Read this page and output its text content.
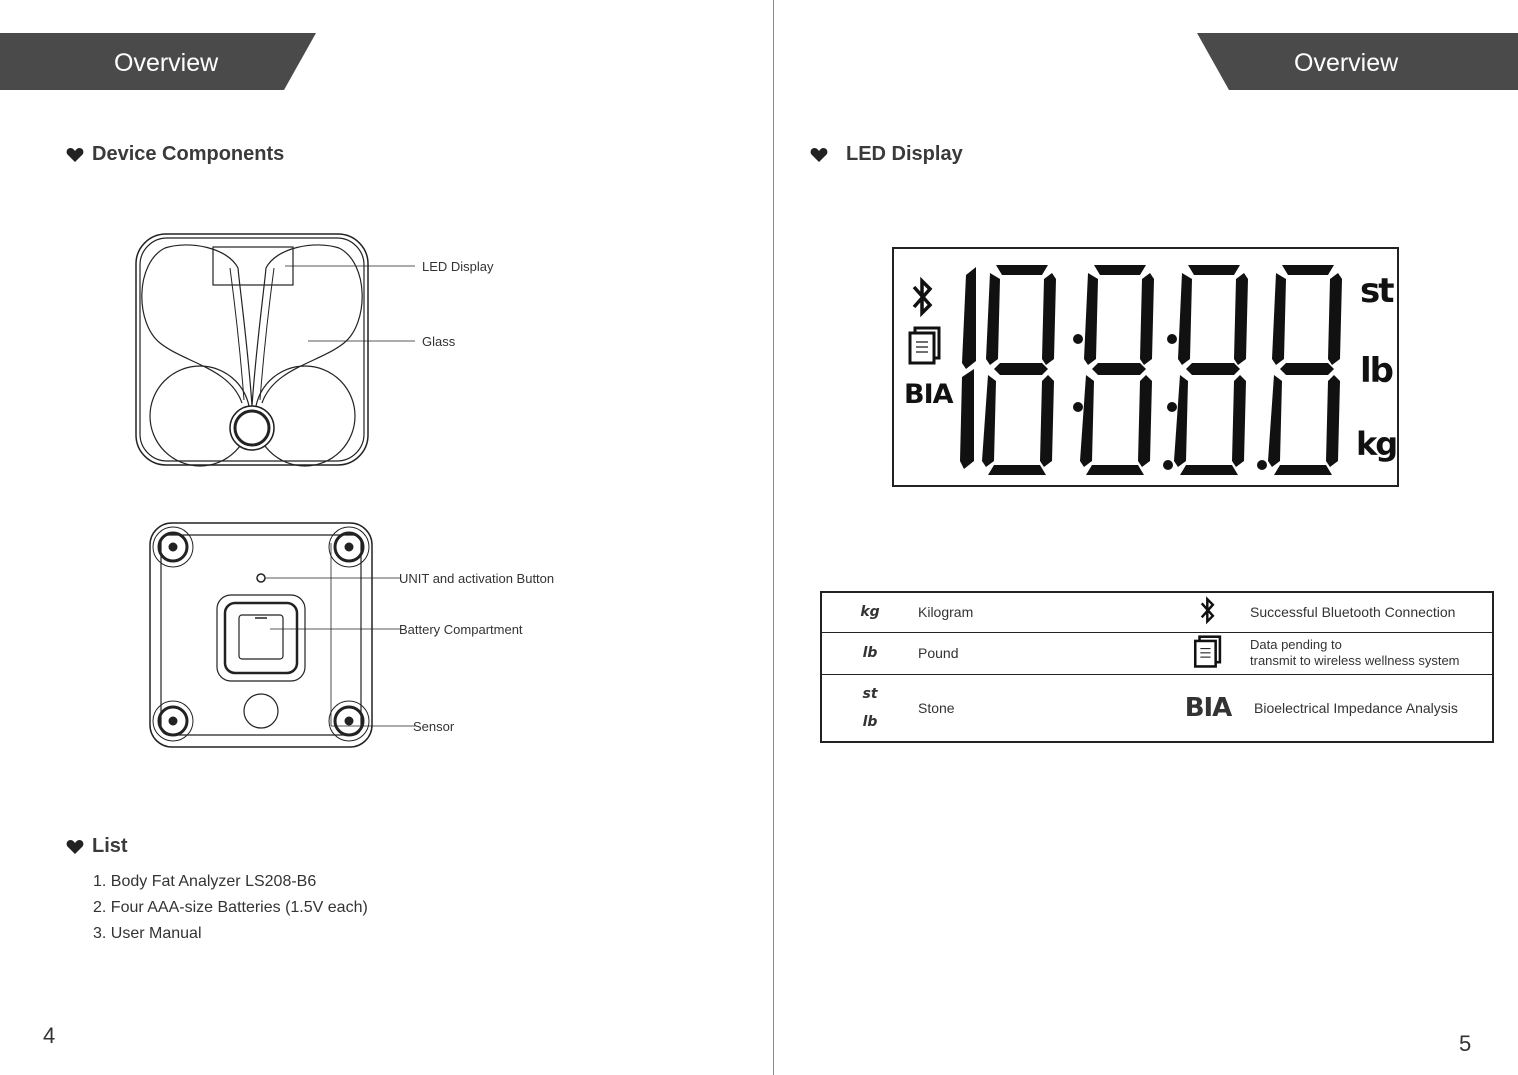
Overview
Device Components
LED Display
Glass
UNIT and activation Button
Battery Compartment
Sensor
List
1. Body Fat Analyzer LS208-B6
2. Four AAA-size Batteries (1.5V each)
3. User Manual
4
Overview
LED Display
BIA
st
lb
kg
kg	Kilogram		Successful Bluetooth Connection
lb	Pound		Data pending to
transmit to wireless wellness system

st
lb	Stone	BIA	Bioelectrical Impedance Analysis
5
